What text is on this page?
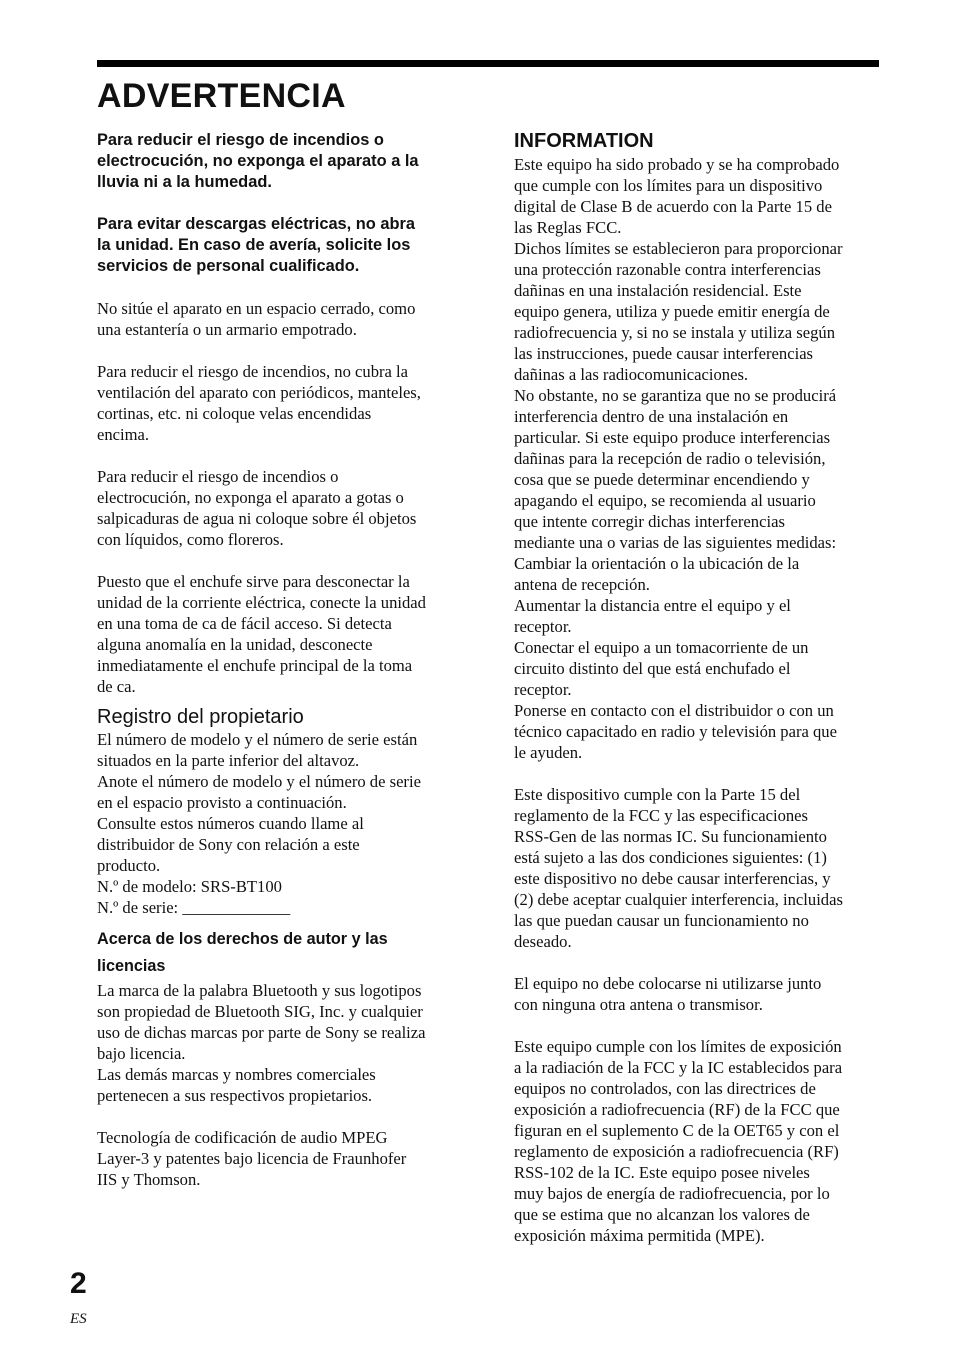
ADVERTENCIA

Para reducir el riesgo de incendios o
electrocución, no exponga el aparato a la
lluvia ni a la humedad.

Para evitar descargas eléctricas, no abra
la unidad. En caso de avería, solicite los
servicios de personal cualificado.

No sitúe el aparato en un espacio cerrado, como
una estantería o un armario empotrado.

Para reducir el riesgo de incendios, no cubra la
ventilación del aparato con periódicos, manteles,
cortinas, etc. ni coloque velas encendidas
encima.

Para reducir el riesgo de incendios o
electrocución, no exponga el aparato a gotas o
salpicaduras de agua ni coloque sobre él objetos
con líquidos, como floreros.

Puesto que el enchufe sirve para desconectar la
unidad de la corriente eléctrica, conecte la unidad
en una toma de ca de fácil acceso. Si detecta
alguna anomalía en la unidad, desconecte
inmediatamente el enchufe principal de la toma
de ca.

Registro del propietario

El número de modelo y el número de serie están
situados en la parte inferior del altavoz.
Anote el número de modelo y el número de serie
en el espacio provisto a continuación.
Consulte estos números cuando llame al
distribuidor de Sony con relación a este
producto.
N.º de modelo: SRS-BT100
N.º de serie: _____________

Acerca de los derechos de autor y las
licencias

La marca de la palabra Bluetooth y sus logotipos
son propiedad de Bluetooth SIG, Inc. y cualquier
uso de dichas marcas por parte de Sony se realiza
bajo licencia.
Las demás marcas y nombres comerciales
pertenecen a sus respectivos propietarios.

Tecnología de codificación de audio MPEG
Layer-3 y patentes bajo licencia de Fraunhofer
IIS y Thomson.

INFORMATION

Este equipo ha sido probado y se ha comprobado
que cumple con los límites para un dispositivo
digital de Clase B de acuerdo con la Parte 15 de
las Reglas FCC.
Dichos límites se establecieron para proporcionar
una protección razonable contra interferencias
dañinas en una instalación residencial. Este
equipo genera, utiliza y puede emitir energía de
radiofrecuencia y, si no se instala y utiliza según
las instrucciones, puede causar interferencias
dañinas a las radiocomunicaciones.
No obstante, no se garantiza que no se producirá
interferencia dentro de una instalación en
particular. Si este equipo produce interferencias
dañinas para la recepción de radio o televisión,
cosa que se puede determinar encendiendo y
apagando el equipo, se recomienda al usuario
que intente corregir dichas interferencias
mediante una o varias de las siguientes medidas:
Cambiar la orientación o la ubicación de la
antena de recepción.
Aumentar la distancia entre el equipo y el
receptor.
Conectar el equipo a un tomacorriente de un
circuito distinto del que está enchufado el
receptor.
Ponerse en contacto con el distribuidor o con un
técnico capacitado en radio y televisión para que
le ayuden.

Este dispositivo cumple con la Parte 15 del
reglamento de la FCC y las especificaciones
RSS-Gen de las normas IC. Su funcionamiento
está sujeto a las dos condiciones siguientes: (1)
este dispositivo no debe causar interferencias, y
(2) debe aceptar cualquier interferencia, incluidas
las que puedan causar un funcionamiento no
deseado.

El equipo no debe colocarse ni utilizarse junto
con ninguna otra antena o transmisor.

Este equipo cumple con los límites de exposición
a la radiación de la FCC y la IC establecidos para
equipos no controlados, con las directrices de
exposición a radiofrecuencia (RF) de la FCC que
figuran en el suplemento C de la OET65 y con el
reglamento de exposición a radiofrecuencia (RF)
RSS-102 de la IC. Este equipo posee niveles
muy bajos de energía de radiofrecuencia, por lo
que se estima que no alcanzan los valores de
exposición máxima permitida (MPE).

2

ES
